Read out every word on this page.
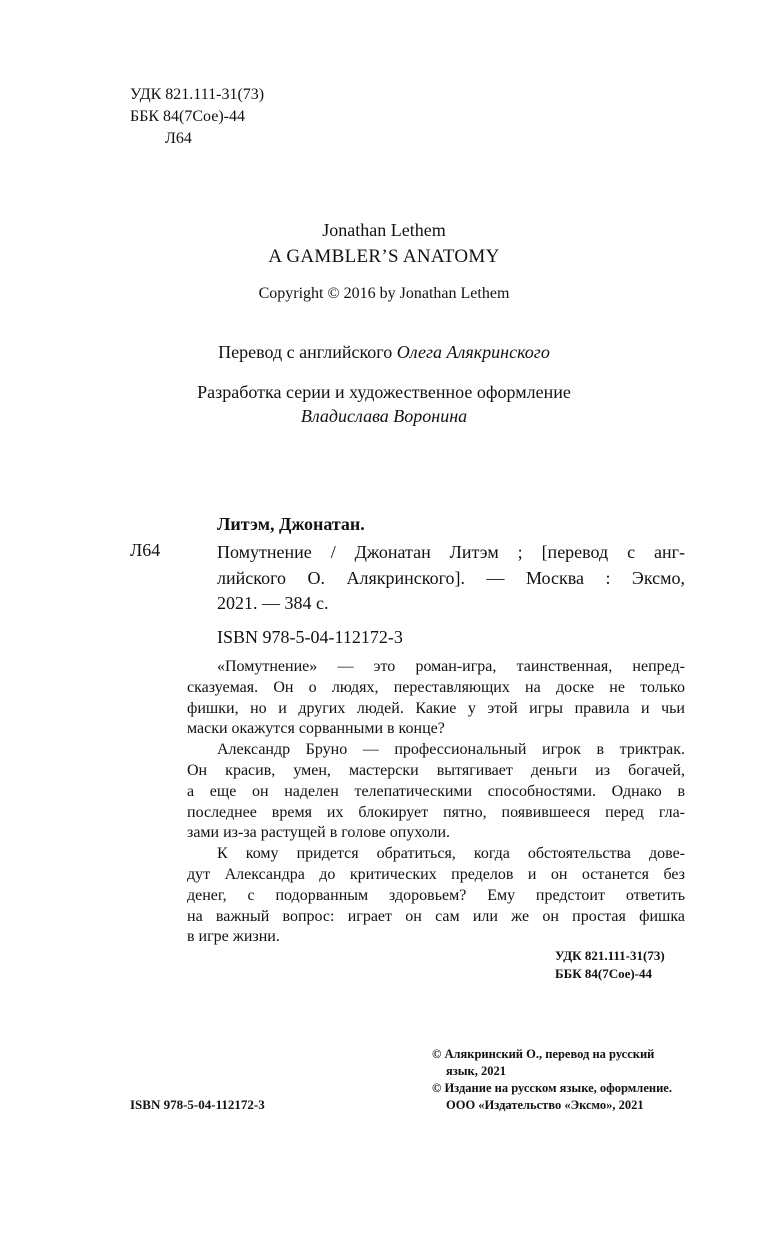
УДК 821.111-31(73)
ББК 84(7Сое)-44
Л64
Jonathan Lethem
A GAMBLER’S ANATOMY
Copyright © 2016 by Jonathan Lethem
Перевод с английского Олега Алякринского
Разработка серии и художественное оформление
Владислава Воронина
Литэм, Джонатан.
Л64	Помутнение / Джонатан Литэм ; [перевод с анг-
лийского О. Алякринского]. — Москва : Эксмо,
2021. — 384 с.
ISBN 978-5-04-112172-3
«Помутнение» — это роман-игра, таинственная, непред-
сказуемая. Он о людях, переставляющих на доске не только
фишки, но и других людей. Какие у этой игры правила и чьи
маски окажутся сорванными в конце?
Александр Бруно — профессиональный игрок в триктрак.
Он красив, умен, мастерски вытягивает деньги из богачей,
а еще он наделен телепатическими способностями. Однако в
последнее время их блокирует пятно, появившееся перед гла-
зами из-за растущей в голове опухоли.
К кому придется обратиться, когда обстоятельства дове-
дут Александра до критических пределов и он останется без
денег, с подорванным здоровьем? Ему предстоит ответить
на важный вопрос: играет он сам или же он простая фишка
в игре жизни.
УДК 821.111-31(73)
ББК 84(7Сое)-44
© Алякринский О., перевод на русский
язык, 2021
© Издание на русском языке, оформление.
ООО «Издательство «Эксмо», 2021
ISBN 978-5-04-112172-3
